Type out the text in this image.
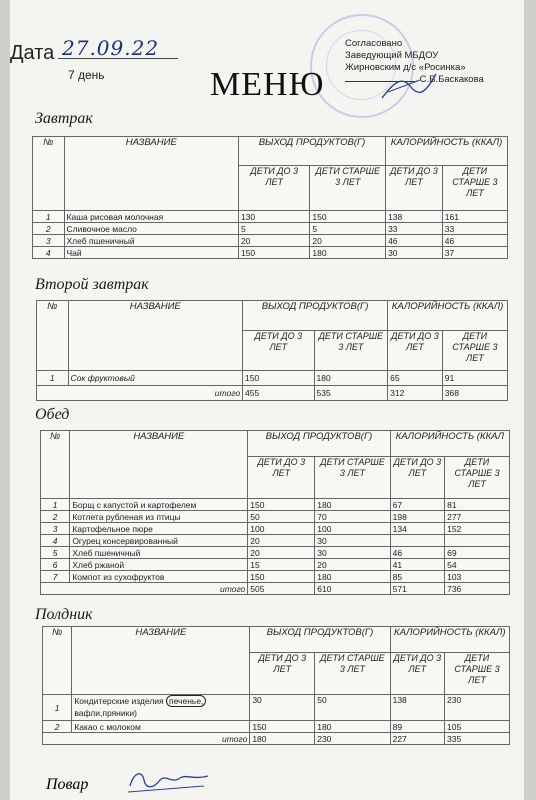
Дата 27.09.22
7 день	МЕНЮ
Согласовано
Заведующий МБДОУ
Жирновским д/с «Росинка»
С.В.Баскакова
Завтрак
№	НАЗВАНИЕ	ВЫХОД ПРОДУКТОВ(Г)		КАЛОРИЙНОСТЬ (ККАЛ)	
		ДЕТИ ДО 3 ЛЕТ	ДЕТИ СТАРШЕ 3 ЛЕТ	ДЕТИ ДО 3 ЛЕТ	ДЕТИ СТАРШЕ 3 ЛЕТ
1	Каша рисовая молочная	130	150	138	161
2	Сливочное масло	5	5	33	33
3	Хлеб пшеничный	20	20	46	46
4	Чай	150	180	30	37
Второй завтрак
№	НАЗВАНИЕ	ВЫХОД ПРОДУКТОВ(Г)		КАЛОРИЙНОСТЬ (ККАЛ)	
		ДЕТИ ДО 3 ЛЕТ	ДЕТИ СТАРШЕ 3 ЛЕТ	ДЕТИ ДО 3 ЛЕТ	ДЕТИ СТАРШЕ 3 ЛЕТ
1	Сок фруктовый	150	180	65	91
итого		455	535	312	368
Обед
№	НАЗВАНИЕ	ВЫХОД ПРОДУКТОВ(Г)		КАЛОРИЙНОСТЬ (ККАЛ	
		ДЕТИ ДО 3 ЛЕТ	ДЕТИ СТАРШЕ 3 ЛЕТ	ДЕТИ ДО 3 ЛЕТ	ДЕТИ СТАРШЕ 3 ЛЕТ
1	Борщ с капустой и картофелем	150	180	67	81
2	Котлета рубленая из птицы	50	70	198	277
3	Картофельное пюре	100	100	134	152
4	Огурец консервированный	20	30		
5	Хлеб пшеничный	20	30	46	69
6	Хлеб ржаной	15	20	41	54
7	Компот из сухофруктов	150	180	85	103
итого		505	610	571	736
Полдник
№	НАЗВАНИЕ	ВЫХОД ПРОДУКТОВ(Г)		КАЛОРИЙНОСТЬ (ККАЛ)	
		ДЕТИ ДО 3 ЛЕТ	ДЕТИ СТАРШЕ 3 ЛЕТ	ДЕТИ ДО 3 ЛЕТ	ДЕТИ СТАРШЕ 3 ЛЕТ
1	Кондитерские изделия печенье,
вафли,пряники)	30	50	138	230
2	Какао с молоком	150	180	89	105
итого		180	230	227	335
Повар
